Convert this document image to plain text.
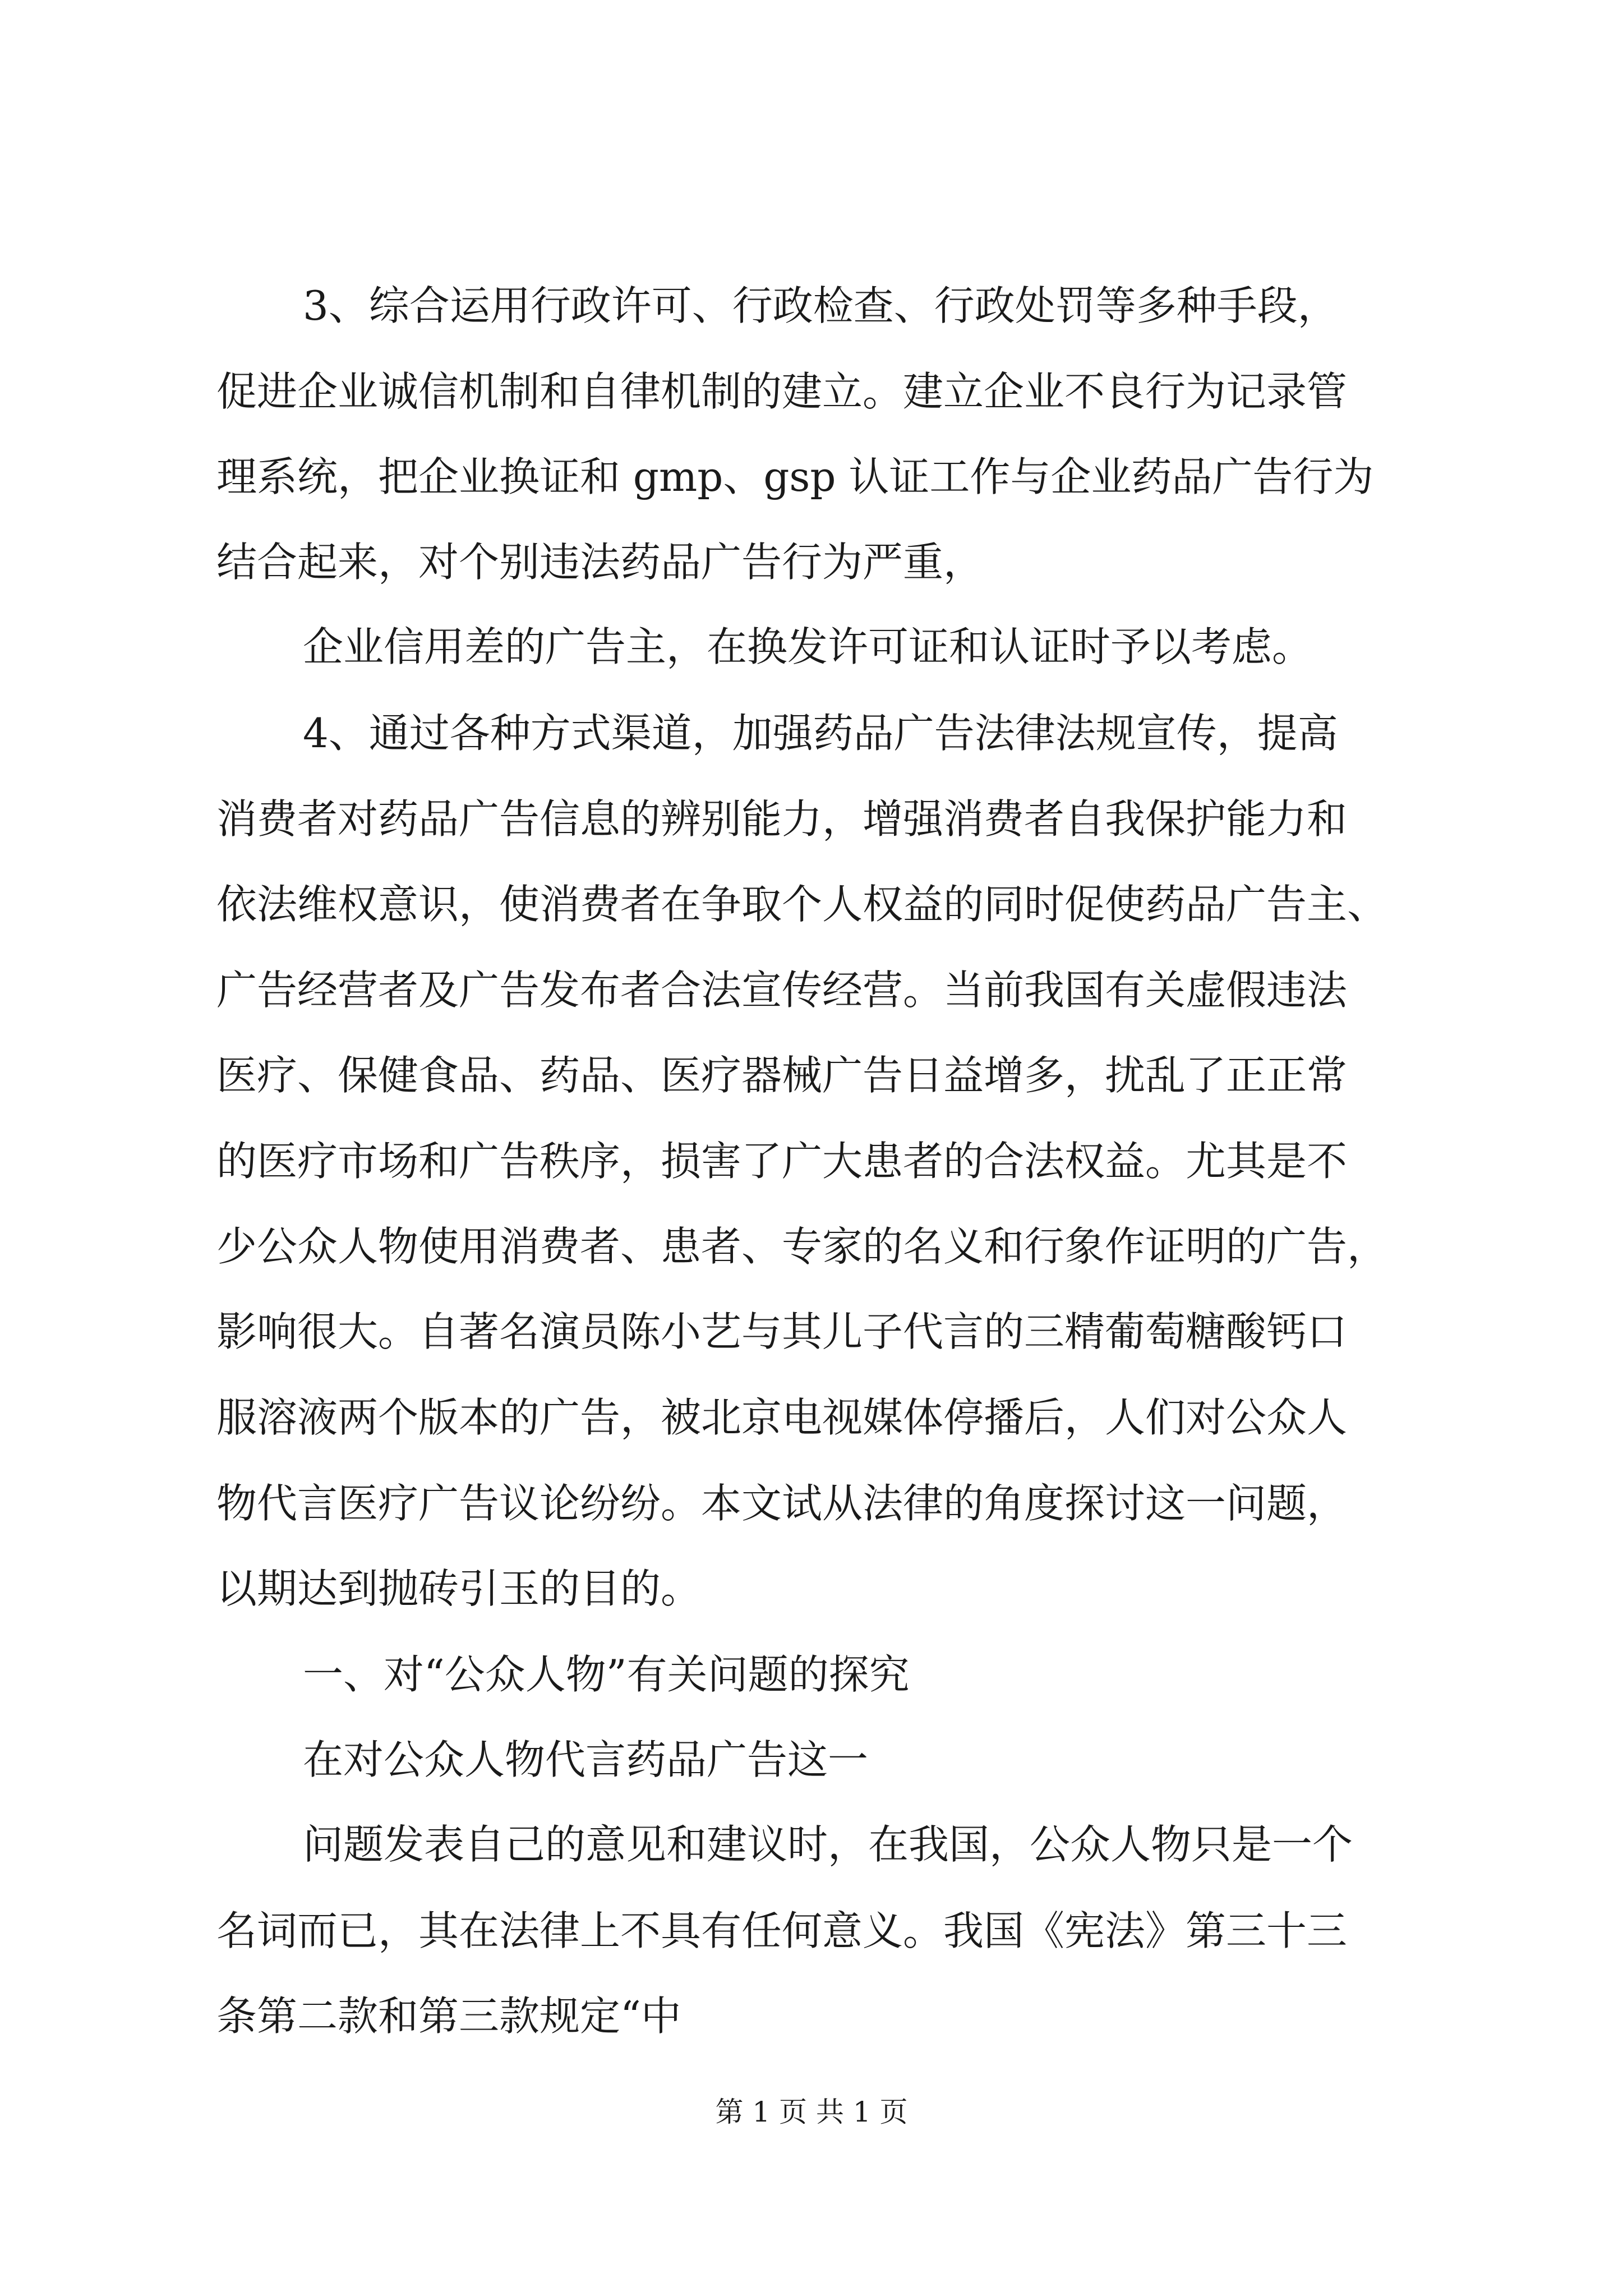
3、综合运用行政许可、行政检查、行政处罚等多种手段，

促进企业诚信机制和自律机制的建立。建立企业不良行为记录管

理系统，把企业换证和 gmp、gsp 认证工作与企业药品广告行为

结合起来，对个别违法药品广告行为严重，

企业信用差的广告主，在换发许可证和认证时予以考虑。

4、通过各种方式渠道，加强药品广告法律法规宣传，提高

消费者对药品广告信息的辨别能力，增强消费者自我保护能力和

依法维权意识，使消费者在争取个人权益的同时促使药品广告主、

广告经营者及广告发布者合法宣传经营。当前我国有关虚假违法

医疗、保健食品、药品、医疗器械广告日益增多，扰乱了正正常

的医疗市场和广告秩序，损害了广大患者的合法权益。尤其是不

少公众人物使用消费者、患者、专家的名义和行象作证明的广告，

影响很大。自著名演员陈小艺与其儿子代言的三精葡萄糖酸钙口

服溶液两个版本的广告，被北京电视媒体停播后，人们对公众人

物代言医疗广告议论纷纷。本文试从法律的角度探讨这一问题，

以期达到抛砖引玉的目的。

一、对“公众人物”有关问题的探究

在对公众人物代言药品广告这一

问题发表自己的意见和建议时，在我国，公众人物只是一个

名词而已，其在法律上不具有任何意义。我国《宪法》第三十三

条第二款和第三款规定“中

第 1 页 共 1 页
